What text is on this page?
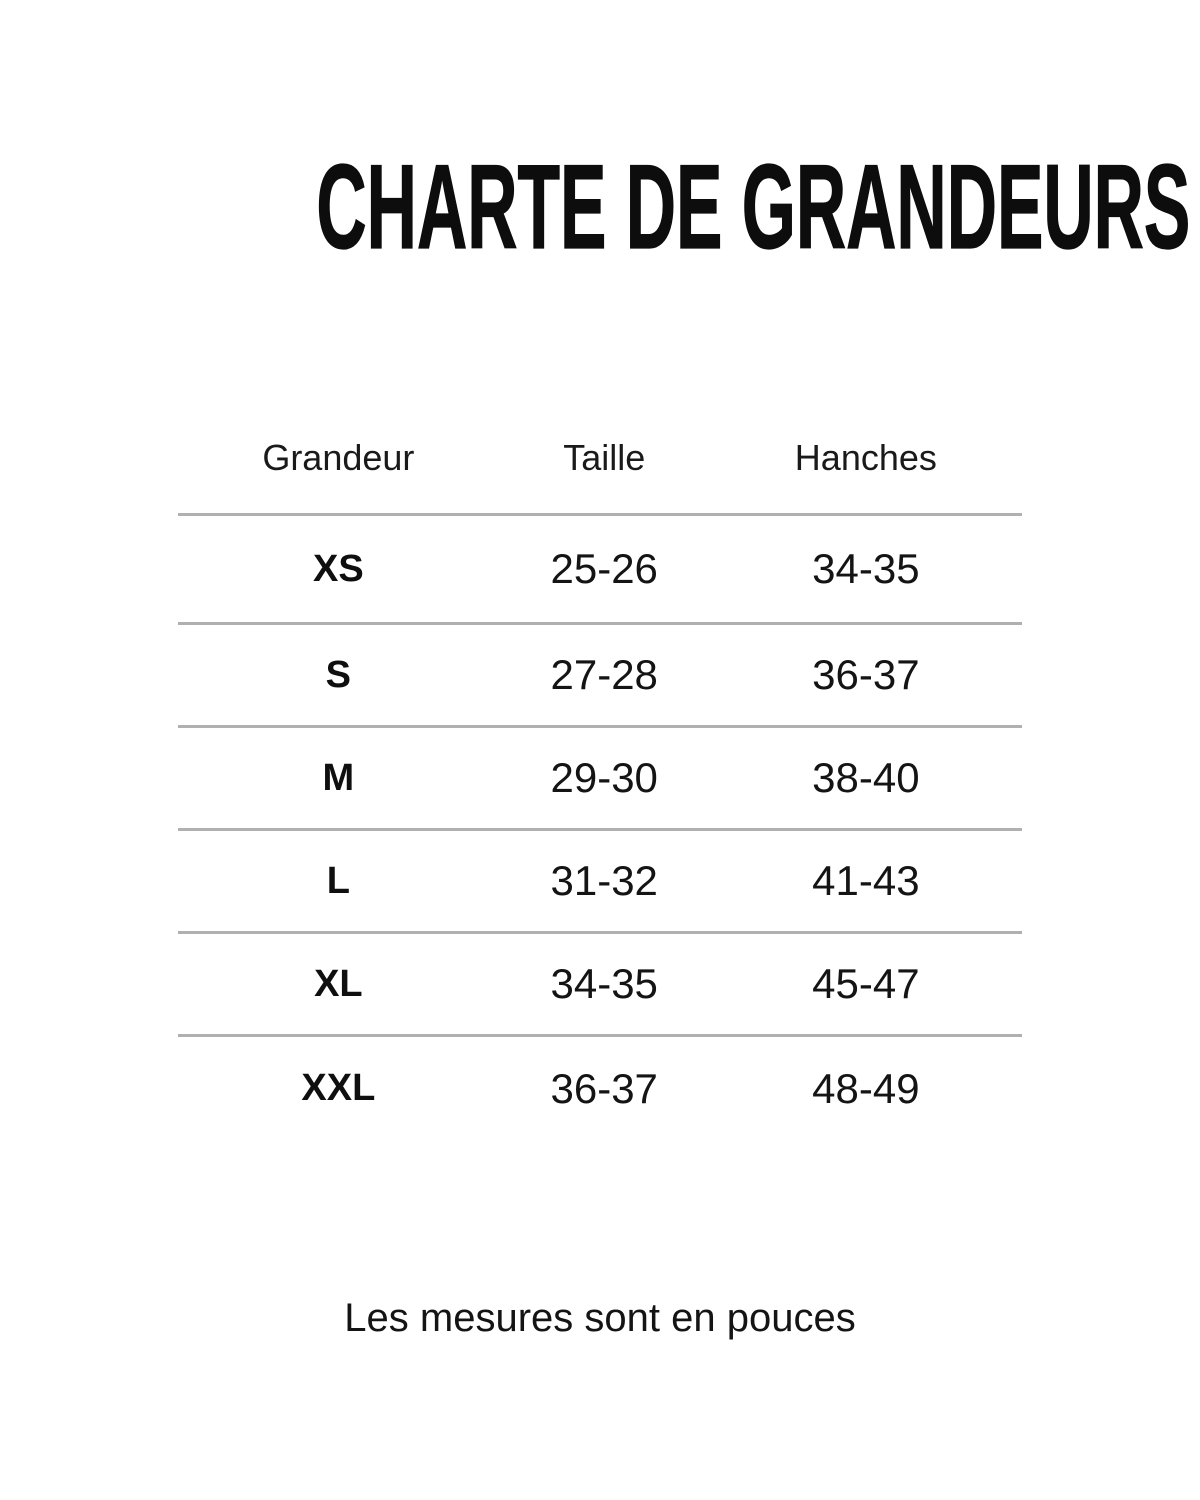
CHARTE DE GRANDEURS
Grandeur	Taille	Hanches
XS	25-26	34-35
S	27-28	36-37
M	29-30	38-40
L	31-32	41-43
XL	34-35	45-47
XXL	36-37	48-49
Les mesures sont en pouces
